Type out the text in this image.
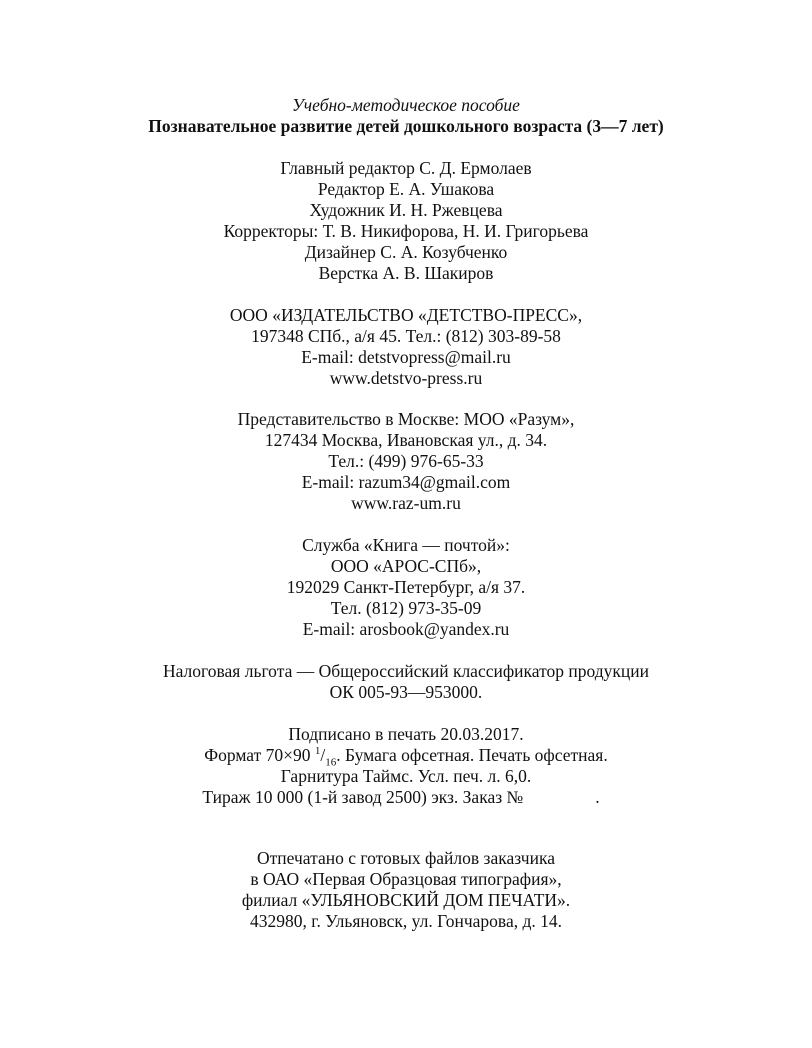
Учебно-методическое пособие
Познавательное развитие детей дошкольного возраста (3—7 лет)
Главный редактор С. Д. Ермолаев
Редактор Е. А. Ушакова
Художник И. Н. Ржевцева
Корректоры: Т. В. Никифорова, Н. И. Григорьева
Дизайнер С. А. Козубченко
Верстка А. В. Шакиров
ООО «ИЗДАТЕЛЬСТВО «ДЕТСТВО-ПРЕСС»,
197348 СПб., а/я 45. Тел.: (812) 303-89-58
E-mail: detstvopress@mail.ru
www.detstvo-press.ru
Представительство в Москве: МОО «Разум»,
127434 Москва, Ивановская ул., д. 34.
Тел.: (499) 976-65-33
E-mail: razum34@gmail.com
www.raz-um.ru
Служба «Книга — почтой»:
ООО «АРОС-СПб»,
192029 Санкт-Петербург, а/я 37.
Тел. (812) 973-35-09
E-mail: arosbook@yandex.ru
Налоговая льгота — Общероссийский классификатор продукции
ОК 005-93—953000.
Подписано в печать 20.03.2017.
Формат 70×90 $^1/_{16}$. Бумага офсетная. Печать офсетная.
Гарнитура Таймс. Усл. печ. л. 6,0.
Тираж 10 000 (1-й завод 2500) экз. Заказ №	.
Отпечатано с готовых файлов заказчика
в ОАО «Первая Образцовая типография»,
филиал «УЛЬЯНОВСКИЙ ДОМ ПЕЧАТИ».
432980, г. Ульяновск, ул. Гончарова, д. 14.
